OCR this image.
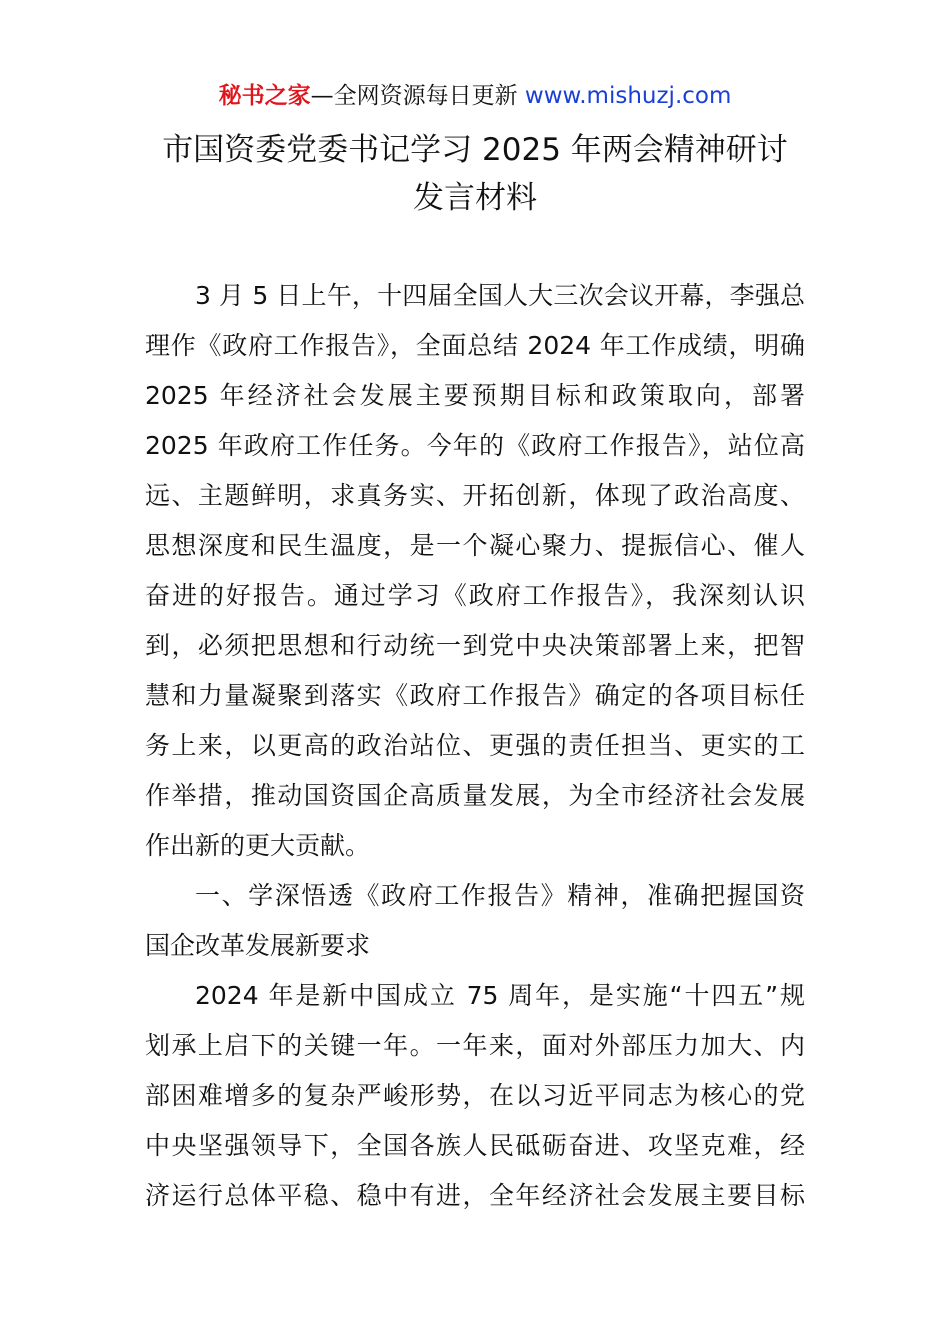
秘书之家—全网资源每日更新 www.mishuzj.com
市国资委党委书记学习 2025 年两会精神研讨
发言材料
3 月 5 日上午，十四届全国人大三次会议开幕，李强总
理作《政府工作报告》，全面总结 2024 年工作成绩，明确
2025 年经济社会发展主要预期目标和政策取向，部署
2025 年政府工作任务。今年的《政府工作报告》，站位高
远、主题鲜明，求真务实、开拓创新，体现了政治高度、
思想深度和民生温度，是一个凝心聚力、提振信心、催人
奋进的好报告。通过学习《政府工作报告》，我深刻认识
到，必须把思想和行动统一到党中央决策部署上来，把智
慧和力量凝聚到落实《政府工作报告》确定的各项目标任
务上来，以更高的政治站位、更强的责任担当、更实的工
作举措，推动国资国企高质量发展，为全市经济社会发展
作出新的更大贡献。
一、学深悟透《政府工作报告》精神，准确把握国资
国企改革发展新要求
2024 年是新中国成立 75 周年，是实施“十四五”规
划承上启下的关键一年。一年来，面对外部压力加大、内
部困难增多的复杂严峻形势，在以习近平同志为核心的党
中央坚强领导下，全国各族人民砥砺奋进、攻坚克难，经
济运行总体平稳、稳中有进，全年经济社会发展主要目标
